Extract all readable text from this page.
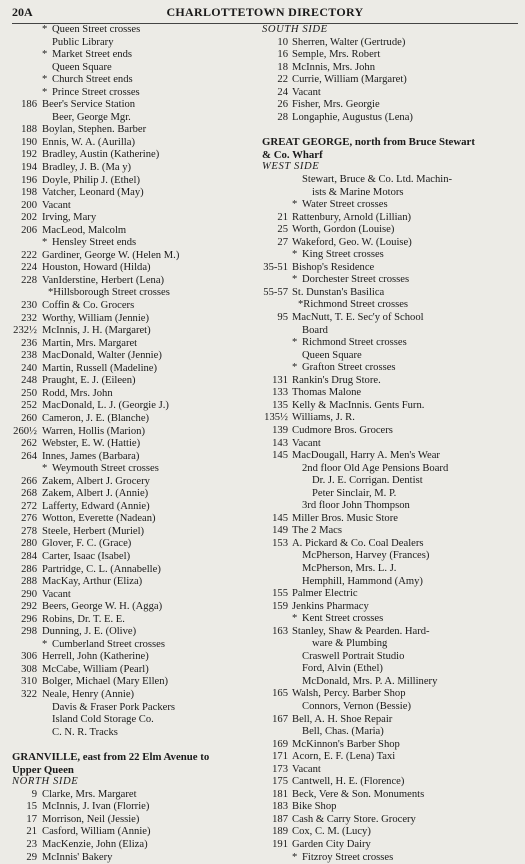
20A	CHARLOTTETOWN DIRECTORY
* Queen Street crosses
Public Library
* Market Street ends
Queen Square
* Church Street ends
* Prince Street crosses
186 Beer's Service Station
Beer, George Mgr.
188 Boylan, Stephen. Barber
190 Ennis, W. A. (Aurilla)
192 Bradley, Austin (Katherine)
194 Bradley, J. B. (Ma y)
196 Doyle, Philip J. (Ethel)
198 Vatcher, Leonard (May)
200 Vacant
202 Irving, Mary
206 MacLeod, Malcolm
* Hensley Street ends
222 Gardiner, George W. (Helen M.)
224 Houston, Howard (Hilda)
228 VanIderstine, Herbert (Lena)
*Hillsborough Street crosses
230 Coffin & Co. Grocers
232 Worthy, William (Jennie)
232½ McInnis, J. H. (Margaret)
236 Martin, Mrs. Margaret
238 MacDonald, Walter (Jennie)
240 Martin, Russell (Madeline)
248 Praught, E. J. (Eileen)
250 Rodd, Mrs. John
252 MacDonald, L. J. (Georgie J.)
260 Cameron, J. E. (Blanche)
260½ Warren, Hollis (Marion)
262 Webster, E. W. (Hattie)
264 Innes, James (Barbara)
* Weymouth Street crosses
266 Zakem, Albert J. Grocery
268 Zakem, Albert J. (Annie)
272 Lafferty, Edward (Annie)
276 Wotton, Everette (Nadean)
278 Steele, Herbert (Muriel)
280 Glover, F. C. (Grace)
284 Carter, Isaac (Isabel)
286 Partridge, C. L. (Annabelle)
288 MacKay, Arthur (Eliza)
290 Vacant
292 Beers, George W. H. (Agga)
296 Robins, Dr. T. E. E.
298 Dunning, J. E. (Olive)
* Cumberland Street crosses
306 Herrell, John (Katherine)
308 McCabe, William (Pearl)
310 Bolger, Michael (Mary Ellen)
322 Neale, Henry (Annie)
Davis & Fraser Pork Packers
Island Cold Storage Co.
C. N. R. Tracks
GRANVILLE, east from 22 Elm Avenue to
Upper Queen
NORTH SIDE
9 Clarke, Mrs. Margaret
15 McInnis, J. Ivan (Florrie)
17 Morrison, Neil (Jessie)
21 Casford, William (Annie)
23 MacKenzie, John (Eliza)
29 McInnis' Bakery
SOUTH SIDE
10 Sherren, Walter (Gertrude)
16 Semple, Mrs. Robert
18 McInnis, Mrs. John
22 Currie, William (Margaret)
24 Vacant
26 Fisher, Mrs. Georgie
28 Longaphie, Augustus (Lena)
GREAT GEORGE, north from Bruce Stewart
& Co. Wharf
WEST SIDE
Stewart, Bruce & Co. Ltd. Machin-
ists & Marine Motors
* Water Street crosses
21 Rattenbury, Arnold (Lillian)
25 Worth, Gordon (Louise)
27 Wakeford, Geo. W. (Louise)
* King Street crosses
35-51 Bishop's Residence
* Dorchester Street crosses
55-57 St. Dunstan's Basilica
*Richmond Street crosses
95 MacNutt, T. E. Sec'y of School
Board
* Richmond Street crosses
Queen Square
* Grafton Street crosses
131 Rankin's Drug Store.
133 Thomas Malone
135 Kelly & MacInnis. Gents Furn.
135½ Williams, J. R.
139 Cudmore Bros. Grocers
143 Vacant
145 MacDougall, Harry A. Men's Wear
2nd floor Old Age Pensions Board
Dr. J. E. Corrigan. Dentist
Peter Sinclair, M. P.
3rd floor John Thompson
145 Miller Bros. Music Store
149 The 2 Macs
153 A. Pickard & Co. Coal Dealers
McPherson, Harvey (Frances)
McPherson, Mrs. L. J.
Hemphill, Hammond (Amy)
155 Palmer Electric
159 Jenkins Pharmacy
* Kent Street crosses
163 Stanley, Shaw & Pearden. Hard-
ware & Plumbing
Craswell Portrait Studio
Ford, Alvin (Ethel)
McDonald, Mrs. P. A. Millinery
165 Walsh, Percy. Barber Shop
Connors, Vernon (Bessie)
167 Bell, A. H. Shoe Repair
Bell, Chas. (Maria)
169 McKinnon's Barber Shop
171 Acorn, E. F. (Lena) Taxi
173 Vacant
175 Cantwell, H. E. (Florence)
181 Beck, Vere & Son. Monuments
183 Bike Shop
187 Cash & Carry Store. Grocery
189 Cox, C. M. (Lucy)
191 Garden City Dairy
* Fitzroy Street crosses
